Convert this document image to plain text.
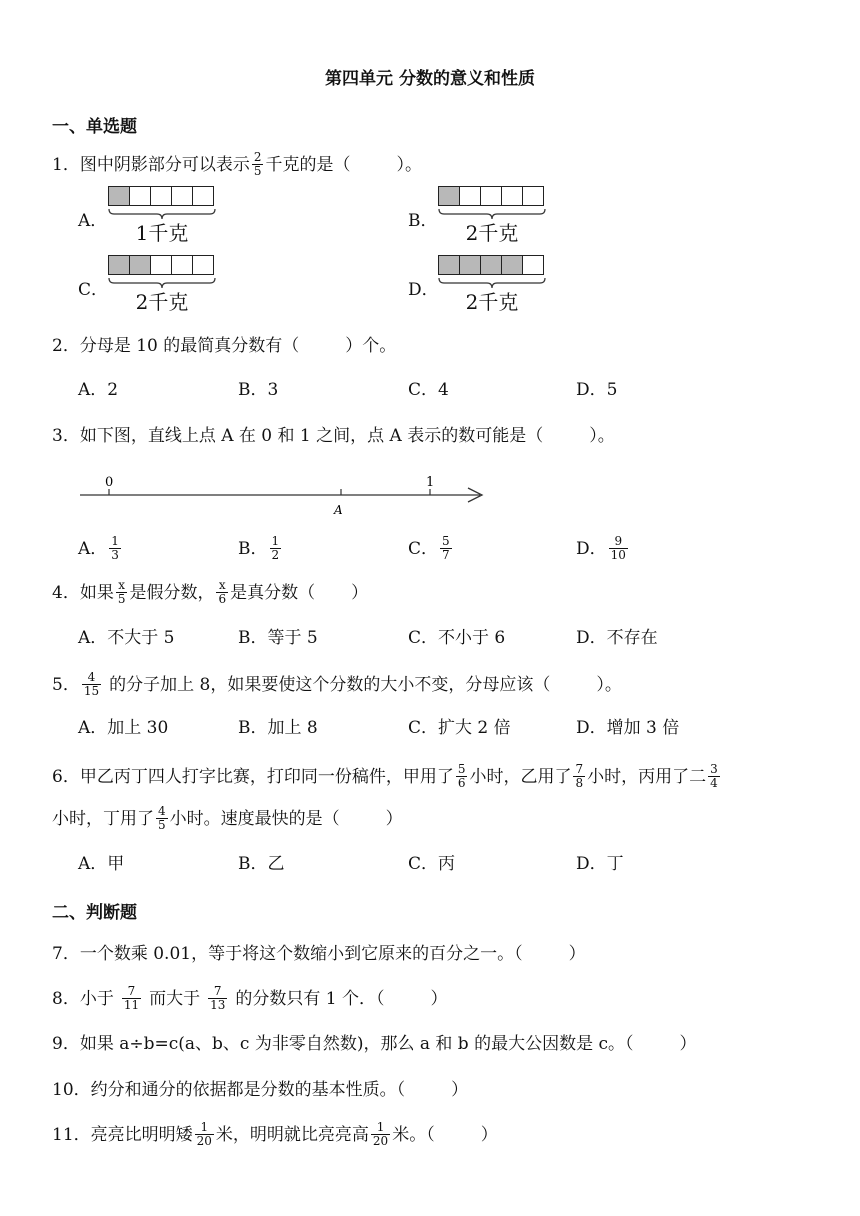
第四单元 分数的意义和性质
一、单选题
1．图中阴影部分可以表示 $\frac{2}{5}$ 千克的是（	）。
A．	1千克	B．	2千克
C．	2千克	D．	2千克
2．分母是 10 的最简真分数有（	）个。
A．2	B．3	C．4	D．5
3．如下图，直线上点 A 在 0 和 1 之间，点 A 表示的数可能是（	）。
0	1
A
A． $\frac{1}{3}$	B． $\frac{1}{2}$	C． $\frac{5}{7}$	D． $\frac{9}{10}$
4．如果 $\frac{x}{5}$ 是假分数， $\frac{x}{6}$ 是真分数（ ）
A．不大于 5	B．等于 5	C．不小于 6	D．不存在
5． $\frac{4}{15}$ 的分子加上 8，如果要使这个分数的大小不变，分母应该（	）。
A．加上 30	B．加上 8	C．扩大 2 倍	D．增加 3 倍
6．甲乙丙丁四人打字比赛，打印同一份稿件，甲用了 $\frac{5}{6}$ 小时，乙用了 $\frac{7}{8}$ 小时，丙用了二 $\frac{3}{4}$
小时，丁用了 $\frac{4}{5}$ 小时。速度最快的是（	）
A．甲	B．乙	C．丙	D．丁
二、判断题
7．一个数乘 0.01，等于将这个数缩小到它原来的百分之一。（	）
8．小于 $\frac{7}{11}$ 而大于 $\frac{7}{13}$ 的分数只有 1 个．（	）
9．如果 a÷b=c(a、b、c 为非零自然数)，那么 a 和 b 的最大公因数是 c。（	）
10．约分和通分的依据都是分数的基本性质。（	）
11．亮亮比明明矮 $\frac{1}{20}$ 米，明明就比亮亮高 $\frac{1}{20}$ 米。（	）
